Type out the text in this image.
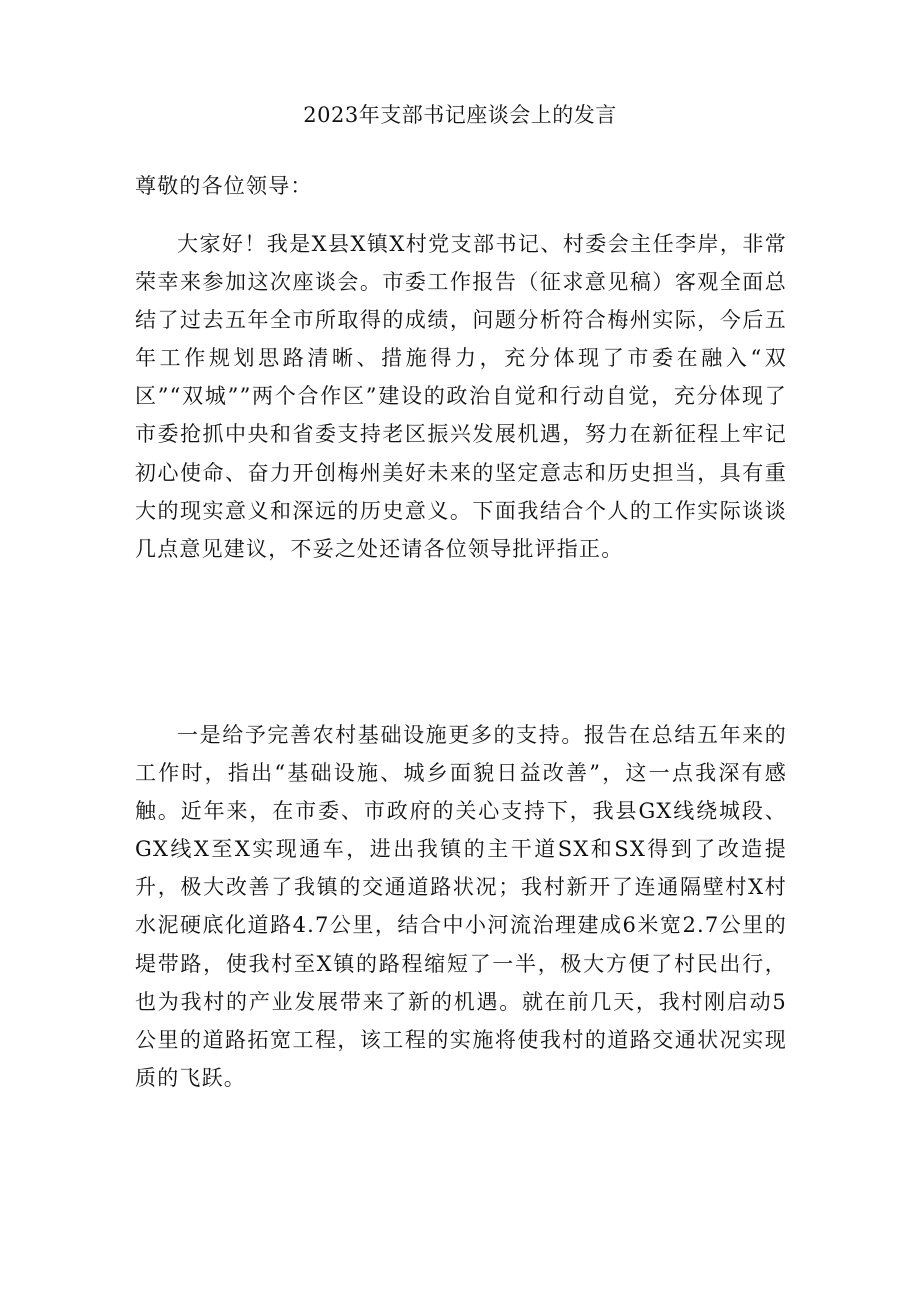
2023年支部书记座谈会上的发言
尊敬的各位领导：

大家好！我是X县X镇X村党支部书记、村委会主任李岸，非常荣幸来参加这次座谈会。市委工作报告（征求意见稿）客观全面总结了过去五年全市所取得的成绩，问题分析符合梅州实际，今后五年工作规划思路清晰、措施得力，充分体现了市委在融入“双区”“双城””两个合作区”建设的政治自觉和行动自觉，充分体现了市委抢抓中央和省委支持老区振兴发展机遇，努力在新征程上牢记初心使命、奋力开创梅州美好未来的坚定意志和历史担当，具有重大的现实意义和深远的历史意义。下面我结合个人的工作实际谈谈几点意见建议，不妥之处还请各位领导批评指正。

一是给予完善农村基础设施更多的支持。报告在总结五年来的工作时，指出“基础设施、城乡面貌日益改善”，这一点我深有感触。近年来，在市委、市政府的关心支持下，我县GX线绕城段、GX线X至X实现通车，进出我镇的主干道SX和SX得到了改造提升，极大改善了我镇的交通道路状况；我村新开了连通隔壁村X村水泥硬底化道路4.7公里，结合中小河流治理建成6米宽2.7公里的堤带路，使我村至X镇的路程缩短了一半，极大方便了村民出行，也为我村的产业发展带来了新的机遇。就在前几天，我村刚启动5公里的道路拓宽工程，该工程的实施将使我村的道路交通状况实现质的飞跃。
